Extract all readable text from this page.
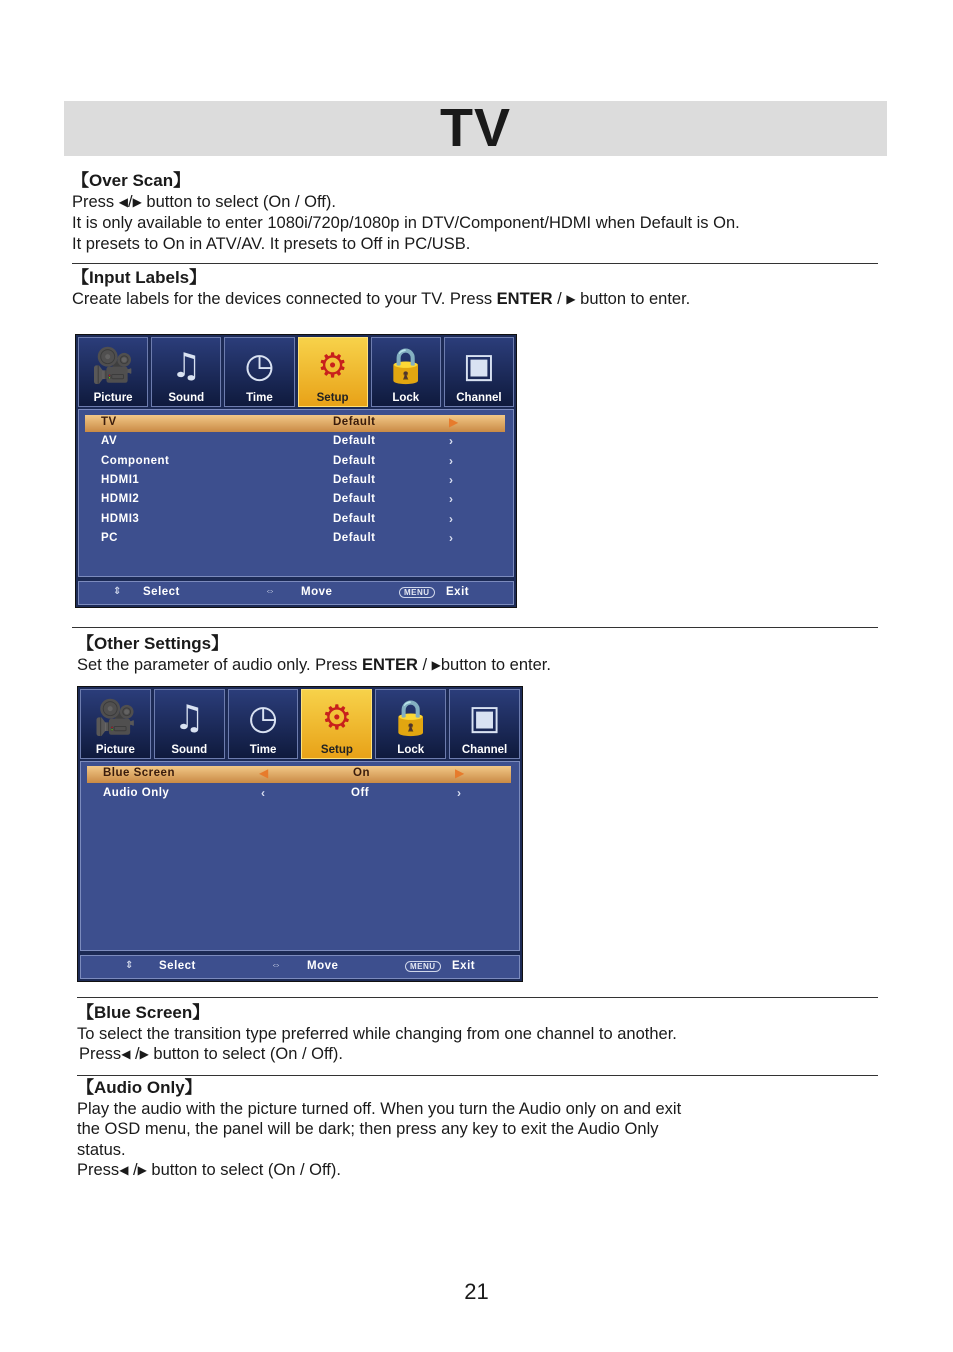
TV
【Over Scan】
Press ◀/▶ button to select (On / Off).
It is only available to enter 1080i/720p/1080p in DTV/Component/HDMI when Default is On.
It presets to On in ATV/AV. It presets to Off in PC/USB.
【Input Labels】
Create labels for the devices connected to your TV. Press ENTER / ▶ button to enter.
🎥
Picture
♫
Sound
◷
Time
⚙
Setup
🔒
Lock
▣
Channel
TV	Default	▶
AV	Default	›
Component	Default	›
HDMI1	Default	›
HDMI2	Default	›
HDMI3	Default	›
PC	Default	›
⇕ Select	⇔ Move	MENU	Exit
【Other Settings】
Set the parameter of audio only. Press ENTER / ▶button to enter.
🎥
Picture
♫
Sound
◷
Time
⚙
Setup
🔒
Lock
▣
Channel
Blue Screen	◀	On	▶
Audio Only	‹	Off	›
⇕ Select	⇔ Move	MENU	Exit
【Blue Screen】
To select the transition type preferred while changing from one channel to another.
Press◀ /▶ button to select (On / Off).
【Audio Only】
Play the audio with the picture turned off. When you turn the Audio only on and exit
the OSD menu, the panel will be dark; then press any key to exit the Audio Only
status.
Press◀ /▶ button to select (On / Off).
21
